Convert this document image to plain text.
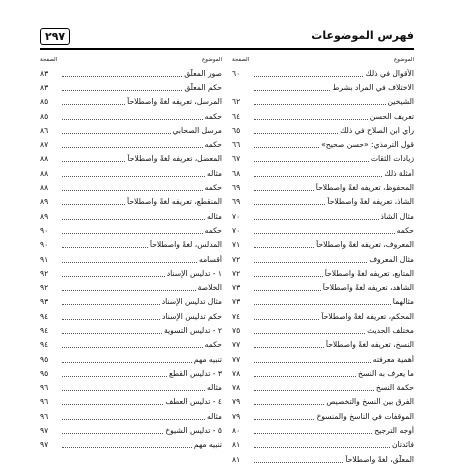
فهرس الموضوعات
٢٩٧
الموضوع
الصفحة
الأقوال في ذلك
٦٠
الاختلاف في المراد بشرط
الشيخين
٦٢
تعريف الحسن
٦٤
رأي ابن الصلاح في ذلك
٦٥
قول الترمذي: «حسن صحيح»
٦٦
زيادات الثقات
٦٧
أمثلة ذلك
٦٨
المحفوظ، تعريفه لغةً واصطلاحاً
٦٩
الشاذ، تعريفه لغةً واصطلاحاً
٦٩
مثال الشاذ
٧٠
حكمه
٧٠
المعروف، تعريفه لغةً واصطلاحاً
٧١
مثال المعروف
٧٢
المتابع، تعريفه لغةً واصطلاحاً
٧٢
الشاهد، تعريفه لغةً واصطلاحاً
٧٣
مثالهما
٧٣
المحكم، تعريفه لغةً واصطلاحاً
٧٤
مختلف الحديث
٧٥
النسخ، تعريفه لغةً واصطلاحاً
٧٧
أهمية معرفته
٧٧
ما يعرف به النسخ
٧٨
حكمة النسخ
٧٨
الفرق بين النسخ والتخصيص
٧٩
الموقفات في الناسخ والمنسوخ
٧٩
أوجه الترجيح
٨٠
فائدتان
٨١
المعلّق، لغةً واصطلاحاً
٨١
الموضوع
الصفحة
صور المعلّق
٨٣
حكم المعلّق
٨٣
المرسل، تعريفه لغةً واصطلاحاً
٨٥
حكمه
٨٥
مرسل الصحابي
٨٦
حكمه
٨٧
المعضل، تعريفه لغةً واصطلاحاً
٨٨
مثاله
٨٨
حكمه
٨٨
المنقطع، تعريفه لغةً واصطلاحاً
٨٩
مثاله
٨٩
حكمه
٩٠
المدلس، لغةً واصطلاحاً
٩٠
أقسامه
٩١
١ - تدليس الإسناد
٩٢
الخلاصة
٩٢
مثال تدليس الإسناد
٩٣
حكم تدليس الإسناد
٩٤
٢ - تدليس التسوية
٩٤
حكمه
٩٤
تنبيه مهم
٩٥
٣ - تدليس القطع
٩٥
مثاله
٩٦
٤ - تدليس العطف
٩٦
مثاله
٩٦
٥ - تدليس الشيوخ
٩٧
تنبيه مهم
٩٧
